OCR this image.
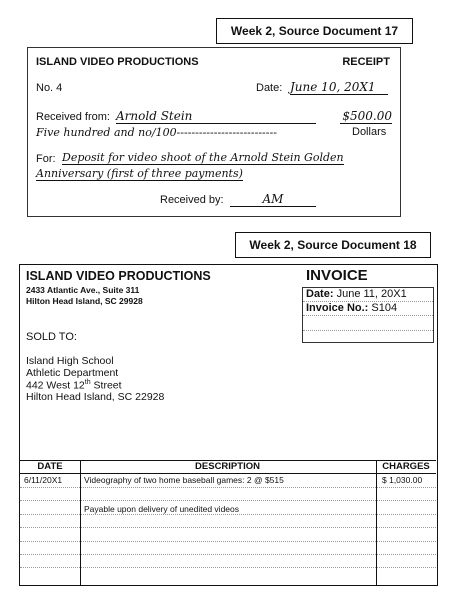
Week 2, Source Document 17
ISLAND VIDEO PRODUCTIONS	RECEIPT
No. 4	Date: June 10, 20X1
Received from: Arnold Stein	$500.00
Five hundred and no/100---------------------------	Dollars
For: Deposit for video shoot of the Arnold Stein Golden
Anniversary (first of three payments)
Received by:	AM
Week 2, Source Document 18
ISLAND VIDEO PRODUCTIONS
2433 Atlantic Ave., Suite 311
Hilton Head Island, SC 29928
INVOICE
Date: June 11, 20X1
Invoice No.: S104
SOLD TO:
Island High School
Athletic Department
442 West 12th Street
Hilton Head Island, SC 22928
DATE	DESCRIPTION	CHARGES
6/11/20X1	Videography of two home baseball games: 2 @ $515	$ 1,030.00
Payable upon delivery of unedited videos
